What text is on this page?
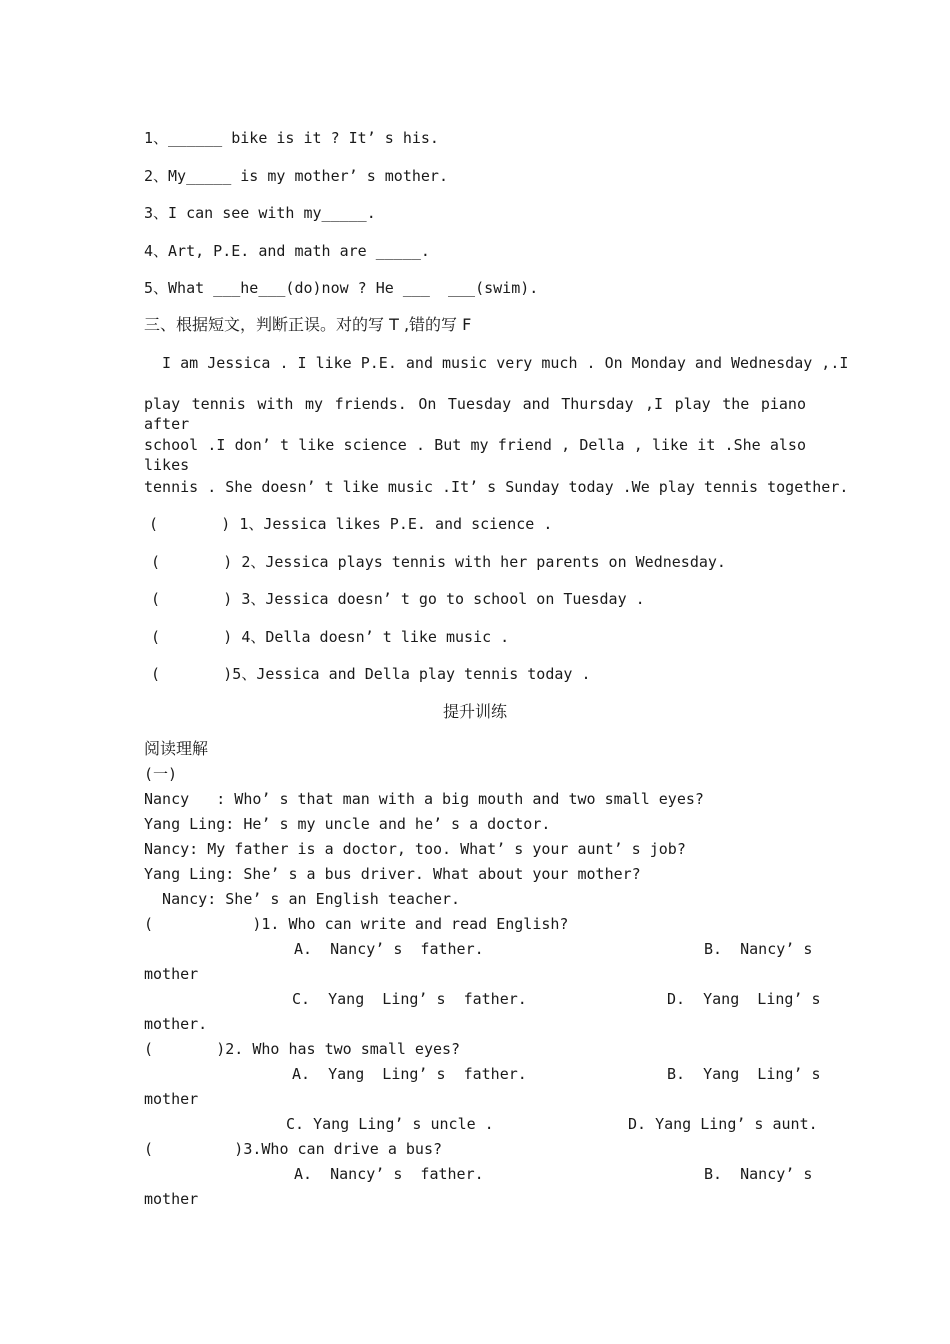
1、______ bike is it ? It’ s his.
2、My_____ is my mother’ s mother.
3、I can see with my_____.
4、Art, P.E. and math are _____.
5、What ___he___(do)now ? He ___  ___(swim).
三、根据短文，判断正误。对的写 T ,错的写 F
I am Jessica . I like P.E. and music very much . On Monday and Wednesday ,.I
play tennis with my friends. On Tuesday and Thursday ,I play the piano after
school .I don’ t like science . But my friend , Della , like it .She also likes
tennis . She doesn’ t like music .It’ s Sunday today .We play tennis together.
(       ) 1、Jessica likes P.E. and science .
(       ) 2、Jessica plays tennis with her parents on Wednesday.
(       ) 3、Jessica doesn’ t go to school on Tuesday .
(       ) 4、Della doesn’ t like music .
(       )5、Jessica and Della play tennis today .
提升训练
阅读理解
(一)
Nancy   : Who’ s that man with a big mouth and two small eyes?
Yang Ling: He’ s my uncle and he’ s a doctor.
Nancy: My father is a doctor, too. What’ s your aunt’ s job?
Yang Ling: She’ s a bus driver. What about your mother?
Nancy: She’ s an English teacher.
(           )1. Who can write and read English?
A.  Nancy’ s  father.	B.  Nancy’ s
mother
C.  Yang  Ling’ s  father.	D.  Yang  Ling’ s
mother.
(       )2. Who has two small eyes?
A.  Yang  Ling’ s  father.	B.  Yang  Ling’ s
mother
C. Yang Ling’ s uncle .	D. Yang Ling’ s aunt.
(         )3.Who can drive a bus?
A.  Nancy’ s  father.	B.  Nancy’ s
mother
